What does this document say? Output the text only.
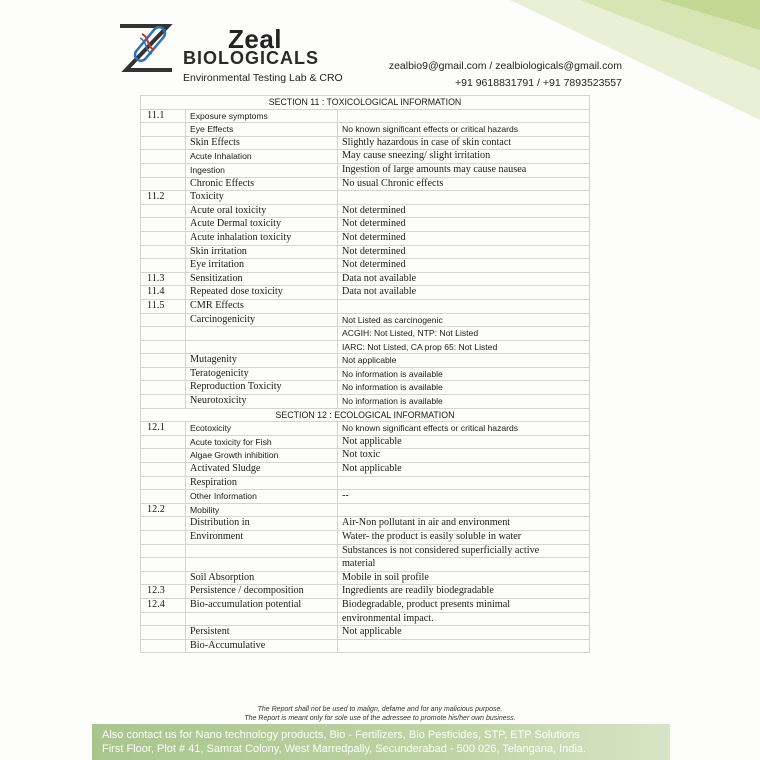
Zeal
BIOLOGICALS
Environmental Testing Lab & CRO
zealbio9@gmail.com / zealbiologicals@gmail.com
+91 9618831791 / +91 7893523557
SECTION 11 : TOXICOLOGICAL INFORMATION		
11.1	Exposure symptoms	
	Eye Effects	No known significant effects or critical hazards
	Skin Effects	Slightly hazardous in case of skin contact
	Acute Inhalation	May cause sneezing/ slight irritation
	Ingestion	Ingestion of large amounts may cause nausea
	Chronic Effects	No usual Chronic effects
11.2	Toxicity	
	Acute oral toxicity	Not determined
	Acute Dermal toxicity	Not determined
	Acute inhalation toxicity	Not determined
	Skin irritation	Not determined
	Eye irritation	Not determined
11.3	Sensitization	Data not available
11.4	Repeated dose toxicity	Data not available
11.5	CMR Effects	
	Carcinogenicity	Not Listed as carcinogenic
		ACGIH: Not Listed, NTP: Not Listed
		IARC: Not Listed, CA prop 65: Not Listed
	Mutagenity	Not applicable
	Teratogenicity	No information is available
	Reproduction Toxicity	No information is available
	Neurotoxicity	No information is available
SECTION 12 : ECOLOGICAL INFORMATION		
12.1	Ecotoxicity	No known significant effects or critical hazards
	Acute toxicity for Fish	Not applicable
	Algae Growth inhibition	Not toxic
	Activated Sludge	Not applicable
	Respiration	
	Other Information	--
12.2	Mobility	
	Distribution in	Air-Non pollutant in air and environment
	Environment	Water- the product is easily soluble in water
		Substances is not considered superficially active
		material
	Soil Absorption	Mobile in soil profile
12.3	Persistence / decomposition	Ingredients are readily biodegradable
12.4	Bio-accumulation potential	Biodegradable, product presents minimal
		environmental impact.
	Persistent	Not applicable
	Bio-Accumulative	
The Report shall not be used to malign, defame and for any malicious purpose.
The Report is meant only for sole use of the adressee to promote his/her own business.
Also contact us for Nano technology products, Bio - Fertilizers, Bio Pesticides, STP, ETP Solutions
First Floor, Plot # 41, Samrat Colony, West Marredpally, Secunderabad - 500 026, Telangana, India.
